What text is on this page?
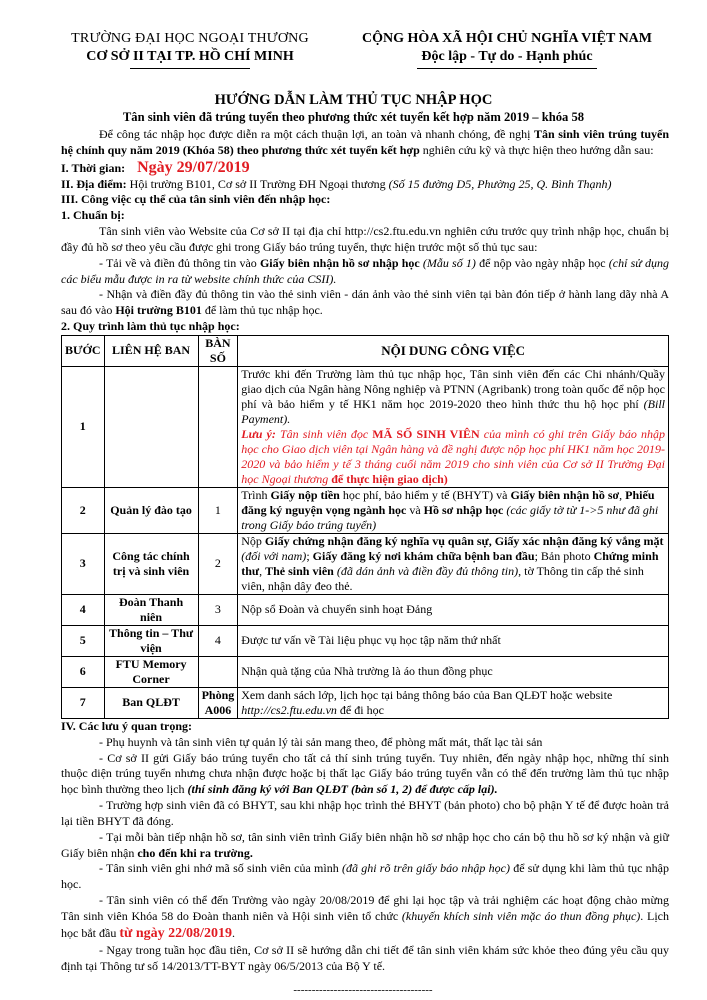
TRƯỜNG ĐẠI HỌC NGOẠI THƯƠNG
CƠ SỞ II TẠI TP. HỒ CHÍ MINH
CỘNG HÒA XÃ HỘI CHỦ NGHĨA VIỆT NAM
Độc lập - Tự do - Hạnh phúc
HƯỚNG DẪN LÀM THỦ TỤC NHẬP HỌC
Tân sinh viên đã trúng tuyển theo phương thức xét tuyển kết hợp năm 2019 – khóa 58

Để công tác nhập học được diễn ra một cách thuận lợi, an toàn và nhanh chóng, đề nghị Tân sinh viên trúng tuyển hệ chính quy năm 2019 (Khóa 58) theo phương thức xét tuyển kết hợp nghiên cứu kỹ và thực hiện theo hướng dẫn sau:

I. Thời gian: Ngày 29/07/2019

II. Địa điểm: Hội trường B101, Cơ sở II Trường ĐH Ngoại thương (Số 15 đường D5, Phường 25, Q. Bình Thạnh)

III. Công việc cụ thể của tân sinh viên đến nhập học:

1. Chuẩn bị:

Tân sinh viên vào Website của Cơ sở II tại địa chỉ http://cs2.ftu.edu.vn nghiên cứu trước quy trình nhập học, chuẩn bị đầy đủ hồ sơ theo yêu cầu được ghi trong Giấy báo trúng tuyển, thực hiện trước một số thủ tục sau:

- Tải về và điền đủ thông tin vào Giấy biên nhận hồ sơ nhập học (Mẫu số 1) để nộp vào ngày nhập học (chỉ sử dụng các biểu mẫu được in ra từ website chính thức của CSII).

- Nhận và điền đầy đủ thông tin vào thẻ sinh viên - dán ảnh vào thẻ sinh viên tại bàn đón tiếp ở hành lang dãy nhà A sau đó vào Hội trường B101 để làm thủ tục nhập học.

2. Quy trình làm thủ tục nhập học:

BƯỚC	LIÊN HỆ BAN	BÀN SỐ	NỘI DUNG CÔNG VIỆC
1			Trước khi đến Trường làm thủ tục nhập học, Tân sinh viên đến các Chi nhánh/Quầy giao dịch của Ngân hàng Nông nghiệp và PTNN (Agribank) trong toàn quốc để nộp học phí và bảo hiểm y tế HK1 năm học 2019-2020 theo hình thức thu hộ học phí (Bill Payment).
Lưu ý: Tân sinh viên đọc MÃ SỐ SINH VIÊN của mình có ghi trên Giấy báo nhập học cho Giao dịch viên tại Ngân hàng và đề nghị được nộp học phí HK1 năm học 2019-2020 và bảo hiểm y tế 3 tháng cuối năm 2019 cho sinh viên của Cơ sở II Trường Đại học Ngoại thương để thực hiện giao dịch)
2	Quản lý đào tạo	1	Trình Giấy nộp tiền học phí, bảo hiểm y tế (BHYT) và Giấy biên nhận hồ sơ, Phiếu đăng ký nguyện vọng ngành học và Hồ sơ nhập học (các giấy tờ từ 1->5 như đã ghi trong Giấy báo trúng tuyển)
3	Công tác chính trị và sinh viên	2	Nộp Giấy chứng nhận đăng ký nghĩa vụ quân sự, Giấy xác nhận đăng ký vắng mặt (đối với nam); Giấy đăng ký nơi khám chữa bệnh ban đầu; Bản photo Chứng minh thư, Thẻ sinh viên (đã dán ảnh và điền đầy đủ thông tin), tờ Thông tin cấp thẻ sinh viên, nhận dây đeo thẻ.
4	Đoàn Thanh niên	3	Nộp sổ Đoàn và chuyển sinh hoạt Đảng
5	Thông tin – Thư viện	4	Được tư vấn về Tài liệu phục vụ học tập năm thứ nhất
6	FTU Memory Corner		Nhận quà tặng của Nhà trường là áo thun đồng phục
7	Ban QLĐT	Phòng A006	Xem danh sách lớp, lịch học tại bảng thông báo của Ban QLĐT hoặc website http://cs2.ftu.edu.vn để đi học

IV. Các lưu ý quan trọng:

- Phụ huynh và tân sinh viên tự quản lý tài sản mang theo, để phòng mất mát, thất lạc tài sản

- Cơ sở II gửi Giấy báo trúng tuyển cho tất cả thí sinh trúng tuyển. Tuy nhiên, đến ngày nhập học, những thí sinh thuộc diện trúng tuyển nhưng chưa nhận được hoặc bị thất lạc Giấy báo trúng tuyển vẫn có thể đến trường làm thủ tục nhập học bình thường theo lịch (thí sinh đăng ký với Ban QLĐT (bàn số 1, 2) để được cấp lại).

- Trường hợp sinh viên đã có BHYT, sau khi nhập học trình thẻ BHYT (bản photo) cho bộ phận Y tế để được hoàn trả lại tiền BHYT đã đóng.

- Tại mỗi bàn tiếp nhận hồ sơ, tân sinh viên trình Giấy biên nhận hồ sơ nhập học cho cán bộ thu hồ sơ ký nhận và giữ Giấy biên nhận cho đến khi ra trường.

- Tân sinh viên ghi nhớ mã số sinh viên của mình (đã ghi rõ trên giấy báo nhập học) để sử dụng khi làm thủ tục nhập học.

- Tân sinh viên có thể đến Trường vào ngày 20/08/2019 để ghi lại học tập và trải nghiệm các hoạt động chào mừng Tân sinh viên Khóa 58 do Đoàn thanh niên và Hội sinh viên tổ chức (khuyến khích sinh viên mặc áo thun đồng phục). Lịch học bắt đầu từ ngày 22/08/2019.

- Ngay trong tuần học đầu tiên, Cơ sở II sẽ hướng dẫn chi tiết để tân sinh viên khám sức khỏe theo đúng yêu cầu quy định tại Thông tư số 14/2013/TT-BYT ngày 06/5/2013 của Bộ Y tế.

--------------------------------------
